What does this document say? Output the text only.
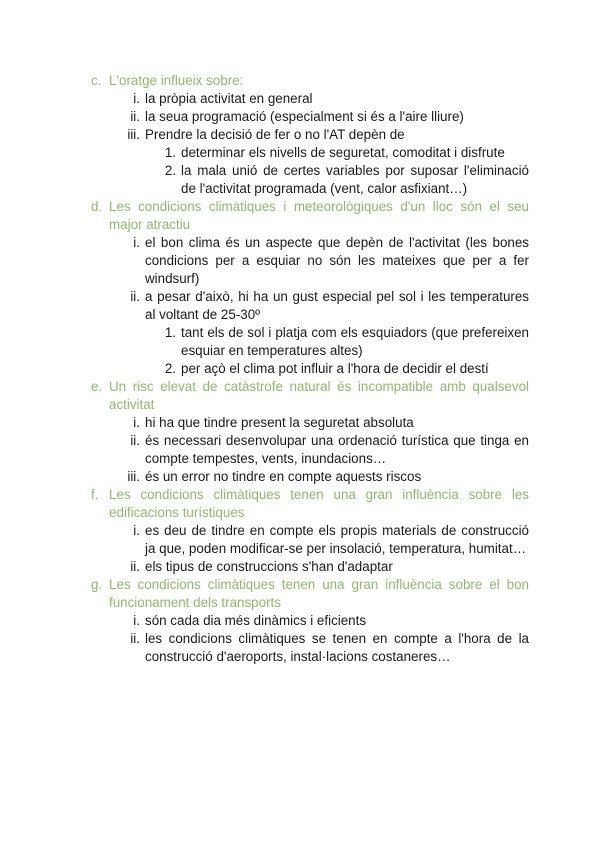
c. L'oratge influeix sobre:
i. la pròpia activitat en general
ii. la seua programació (especialment si és a l'aire lliure)
iii. Prendre la decisió de fer o no l'AT depèn de
1. determinar els nivells de seguretat, comoditat i disfrute
2. la mala unió de certes variables por suposar l'eliminació de l'activitat programada (vent, calor asfixiant…)
d. Les condicions climàtiques i meteorològiques d'un lloc són el seu major atractiu
i. el bon clima és un aspecte que depèn de l'activitat (les bones condicions per a esquiar no són les mateixes que per a fer windsurf)
ii. a pesar d'això, hi ha un gust especial pel sol i les temperatures al voltant de 25-30º
1. tant els de sol i platja com els esquiadors (que prefereixen esquiar en temperatures altes)
2. per açò el clima pot influir a l'hora de decidir el destí
e. Un risc elevat de catàstrofe natural és incompatible amb qualsevol activitat
i. hi ha que tindre present la seguretat absoluta
ii. és necessari desenvolupar una ordenació turística que tinga en compte tempestes, vents, inundacions…
iii. és un error no tindre en compte aquests riscos
f. Les condicions climàtiques tenen una gran influència sobre les edificacions turístiques
i. es deu de tindre en compte els propis materials de construcció ja que, poden modificar-se per insolació, temperatura, humitat…
ii. els tipus de construccions s'han d'adaptar
g. Les condicions climàtiques tenen una gran influència sobre el bon funcionament dels transports
i. són cada dia més dinàmics i eficients
ii. les condicions climàtiques se tenen en compte a l'hora de la construcció d'aeroports, instal·lacions costaneres…
